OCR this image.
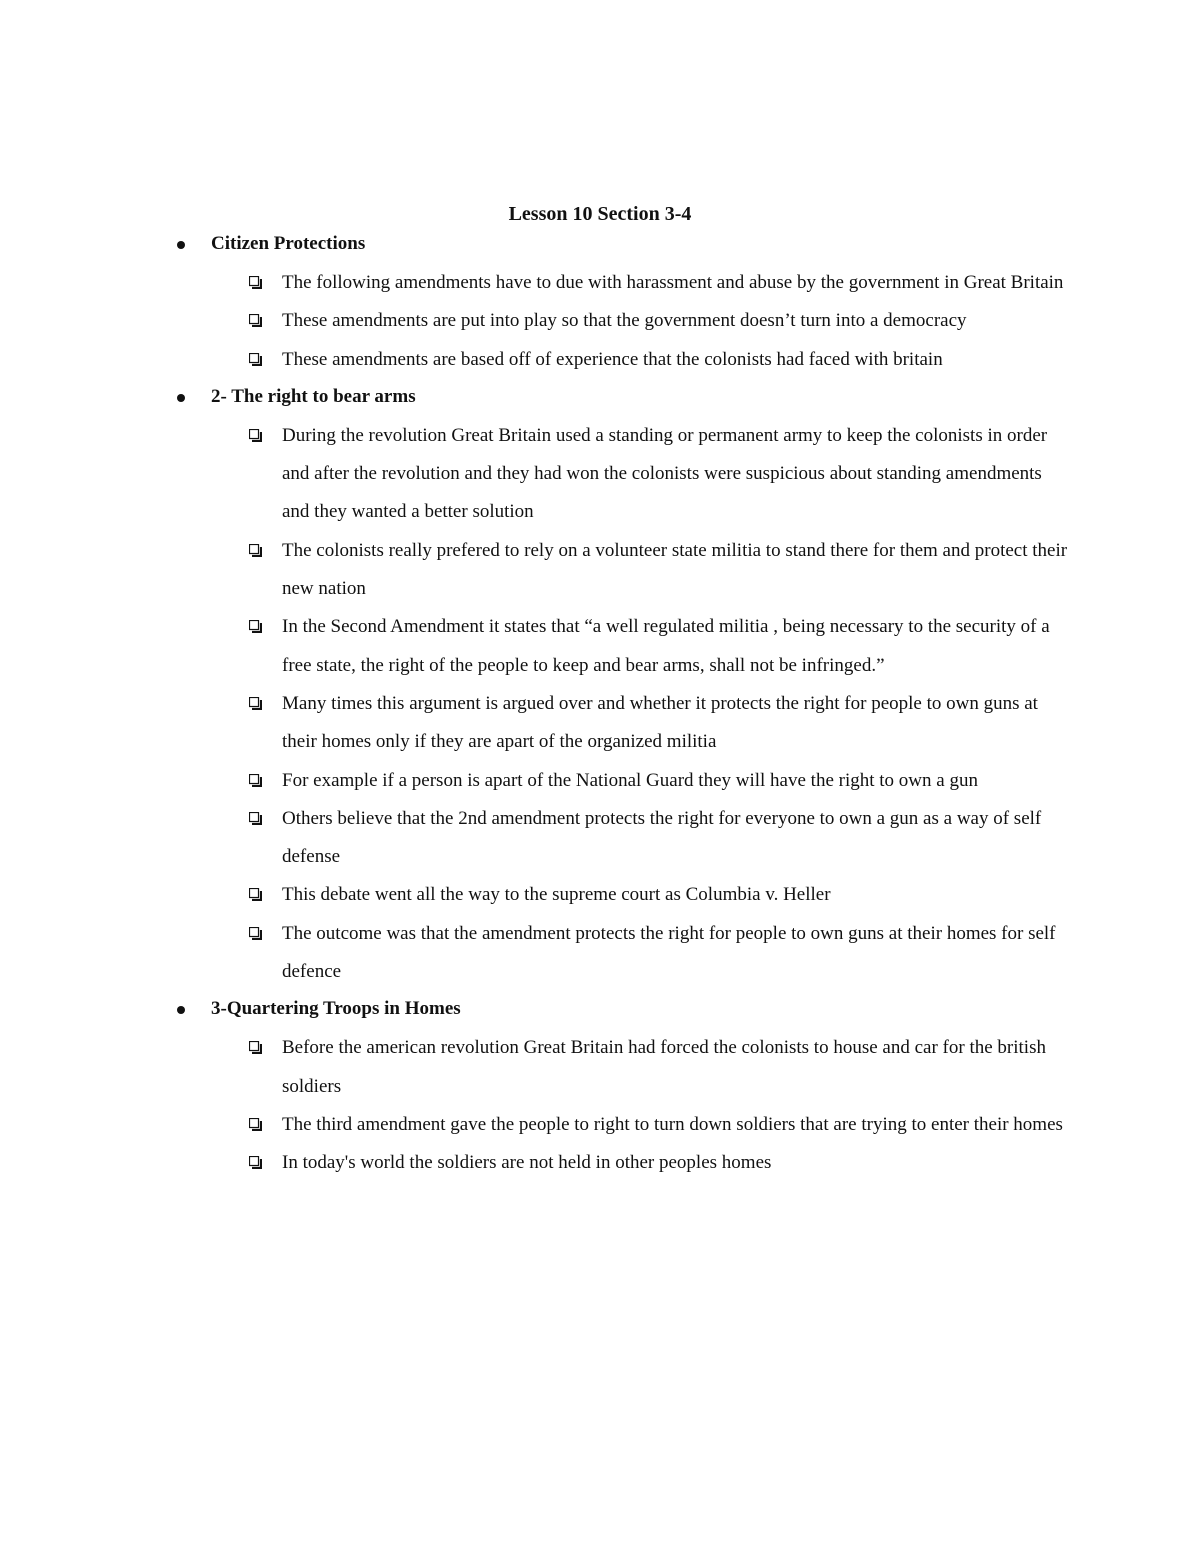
Lesson 10 Section 3-4
Citizen Protections
The following amendments have to due with harassment and abuse by the government in Great Britain
These amendments are put into play so that the government doesn’t turn into a democracy
These amendments are based off of experience that the colonists had faced with britain
2- The right to bear arms
During the revolution Great Britain used a standing or permanent army to keep the colonists in order and after the revolution and they had won the colonists were suspicious about standing amendments and they wanted a better solution
The colonists really prefered to rely on a volunteer state militia to stand there for them and protect their new nation
In the Second Amendment it states that “a well regulated militia , being necessary to the security of a free state, the right of the people to keep and bear arms, shall not be infringed.”
Many times this argument is argued over and whether it protects the right for people to own guns at their homes only if they are apart of the organized militia
For example if a person is apart of the National Guard they will have the right to own a gun
Others believe that the 2nd amendment protects the right for everyone to own a gun as a way of self defense
This debate went all the way to the supreme court as Columbia v. Heller
The outcome was that the amendment protects the right for people to own guns at their homes for self defence
3-Quartering Troops in Homes
Before the american revolution Great Britain had forced the colonists to house and car for the british soldiers
The third amendment gave the people to right to turn down soldiers that are trying to enter their homes
In today's world the soldiers are not held in other peoples homes
